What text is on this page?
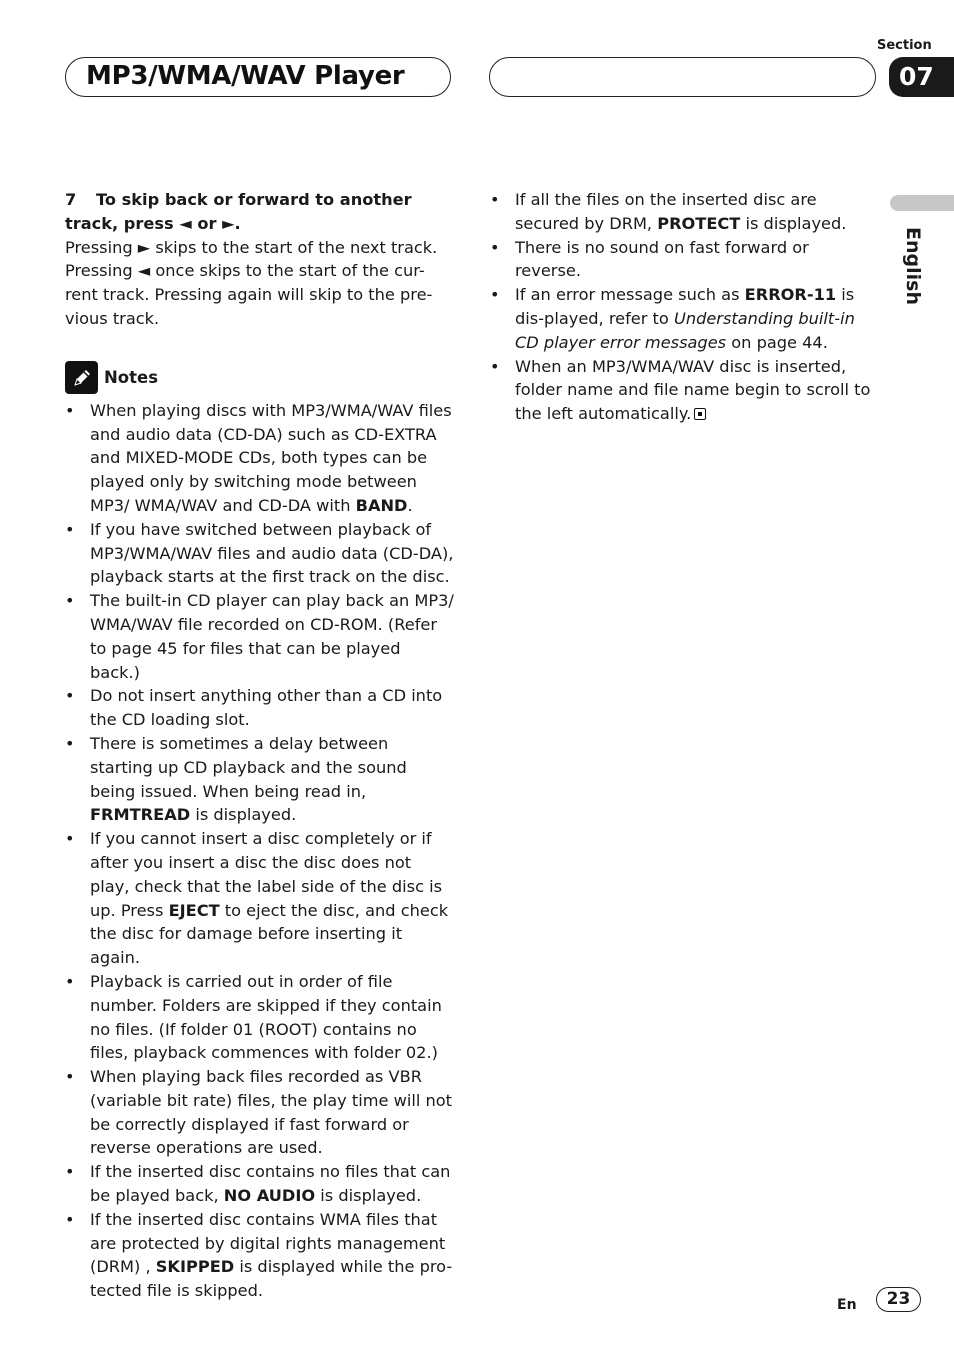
MP3/WMA/WAV Player
Section
07
English
7 To skip back or forward to another track, press ◄ or ►.
Pressing ► skips to the start of the next track. Pressing ◄ once skips to the start of the cur-rent track. Pressing again will skip to the pre-vious track.
Notes
• When playing discs with MP3/WMA/WAV files and audio data (CD-DA) such as CD-EXTRA and MIXED-MODE CDs, both types can be played only by switching mode between MP3/ WMA/WAV and CD-DA with BAND.
• If you have switched between playback of MP3/WMA/WAV files and audio data (CD-DA), playback starts at the first track on the disc.
• The built-in CD player can play back an MP3/ WMA/WAV file recorded on CD-ROM. (Refer to page 45 for files that can be played back.)
• Do not insert anything other than a CD into the CD loading slot.
• There is sometimes a delay between starting up CD playback and the sound being issued. When being read in, FRMTREAD is displayed.
• If you cannot insert a disc completely or if after you insert a disc the disc does not play, check that the label side of the disc is up. Press EJECT to eject the disc, and check the disc for damage before inserting it again.
• Playback is carried out in order of file number. Folders are skipped if they contain no files. (If folder 01 (ROOT) contains no files, playback commences with folder 02.)
• When playing back files recorded as VBR (variable bit rate) files, the play time will not be correctly displayed if fast forward or reverse operations are used.
• If the inserted disc contains no files that can be played back, NO AUDIO is displayed.
• If the inserted disc contains WMA files that are protected by digital rights management (DRM) , SKIPPED is displayed while the pro-tected file is skipped.
• If all the files on the inserted disc are secured by DRM, PROTECT is displayed.
• There is no sound on fast forward or reverse.
• If an error message such as ERROR-11 is dis-played, refer to Understanding built-in CD player error messages on page 44.
• When an MP3/WMA/WAV disc is inserted, folder name and file name begin to scroll to the left automatically.
En	23
